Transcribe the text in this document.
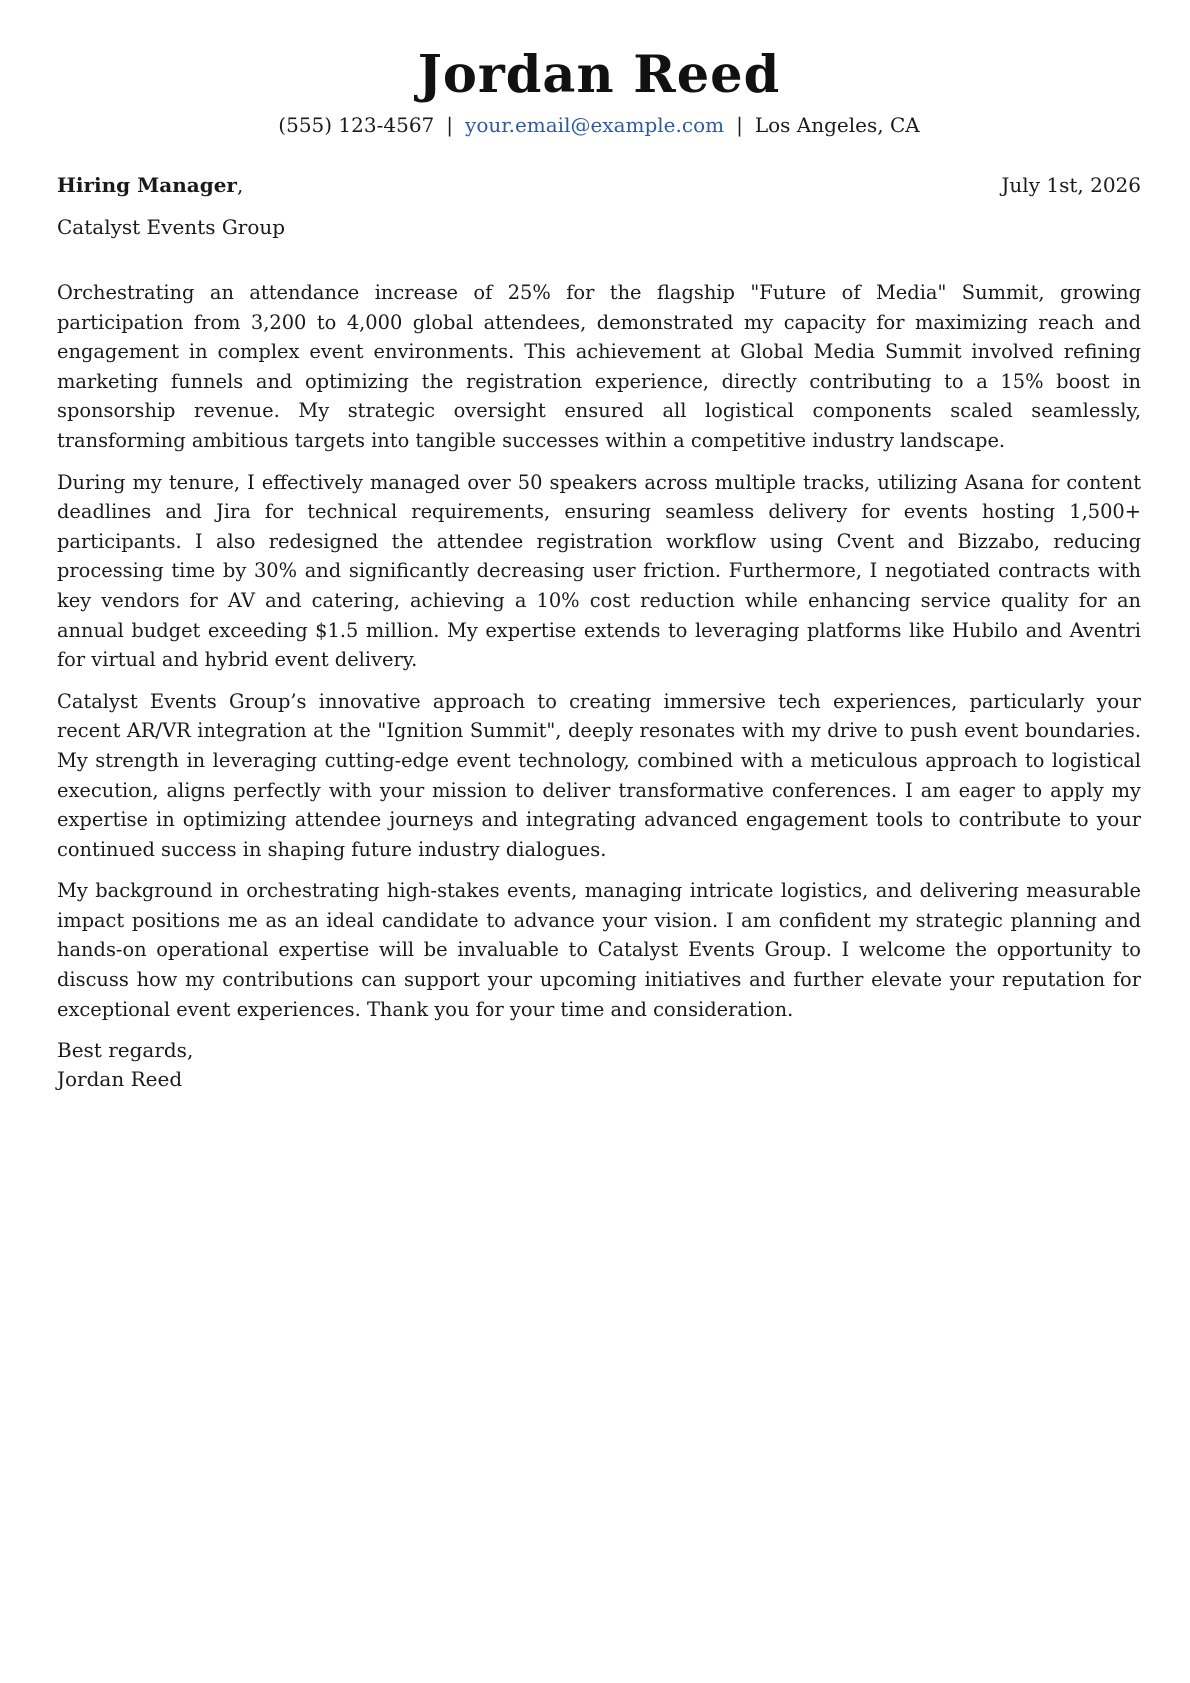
Jordan Reed
(555) 123-4567 | your.email@example.com | Los Angeles, CA
Hiring Manager,	July 1st, 2026
Catalyst Events Group

Orchestrating an attendance increase of 25% for the flagship "Future of Media" Summit, growing participation from 3,200 to 4,000 global attendees, demonstrated my capacity for maximizing reach and engagement in complex event environments. This achievement at Global Media Summit involved refining marketing funnels and optimizing the registration experience, directly contributing to a 15% boost in sponsorship revenue. My strategic oversight ensured all logistical components scaled seamlessly, transforming ambitious targets into tangible successes within a competitive industry landscape.

During my tenure, I effectively managed over 50 speakers across multiple tracks, utilizing Asana for content deadlines and Jira for technical requirements, ensuring seamless delivery for events hosting 1,500+ participants. I also redesigned the attendee registration workflow using Cvent and Bizzabo, reducing processing time by 30% and significantly decreasing user friction. Furthermore, I negotiated contracts with key vendors for AV and catering, achieving a 10% cost reduction while enhancing service quality for an annual budget exceeding $1.5 million. My expertise extends to leveraging platforms like Hubilo and Aventri for virtual and hybrid event delivery.

Catalyst Events Group’s innovative approach to creating immersive tech experiences, particularly your recent AR/VR integration at the "Ignition Summit", deeply resonates with my drive to push event boundaries. My strength in leveraging cutting-edge event technology, combined with a meticulous approach to logistical execution, aligns perfectly with your mission to deliver transformative conferences. I am eager to apply my expertise in optimizing attendee journeys and integrating advanced engagement tools to contribute to your continued success in shaping future industry dialogues.

My background in orchestrating high-stakes events, managing intricate logistics, and delivering measurable impact positions me as an ideal candidate to advance your vision. I am confident my strategic planning and hands-on operational expertise will be invaluable to Catalyst Events Group. I welcome the opportunity to discuss how my contributions can support your upcoming initiatives and further elevate your reputation for exceptional event experiences. Thank you for your time and consideration.

Best regards,
Jordan Reed
